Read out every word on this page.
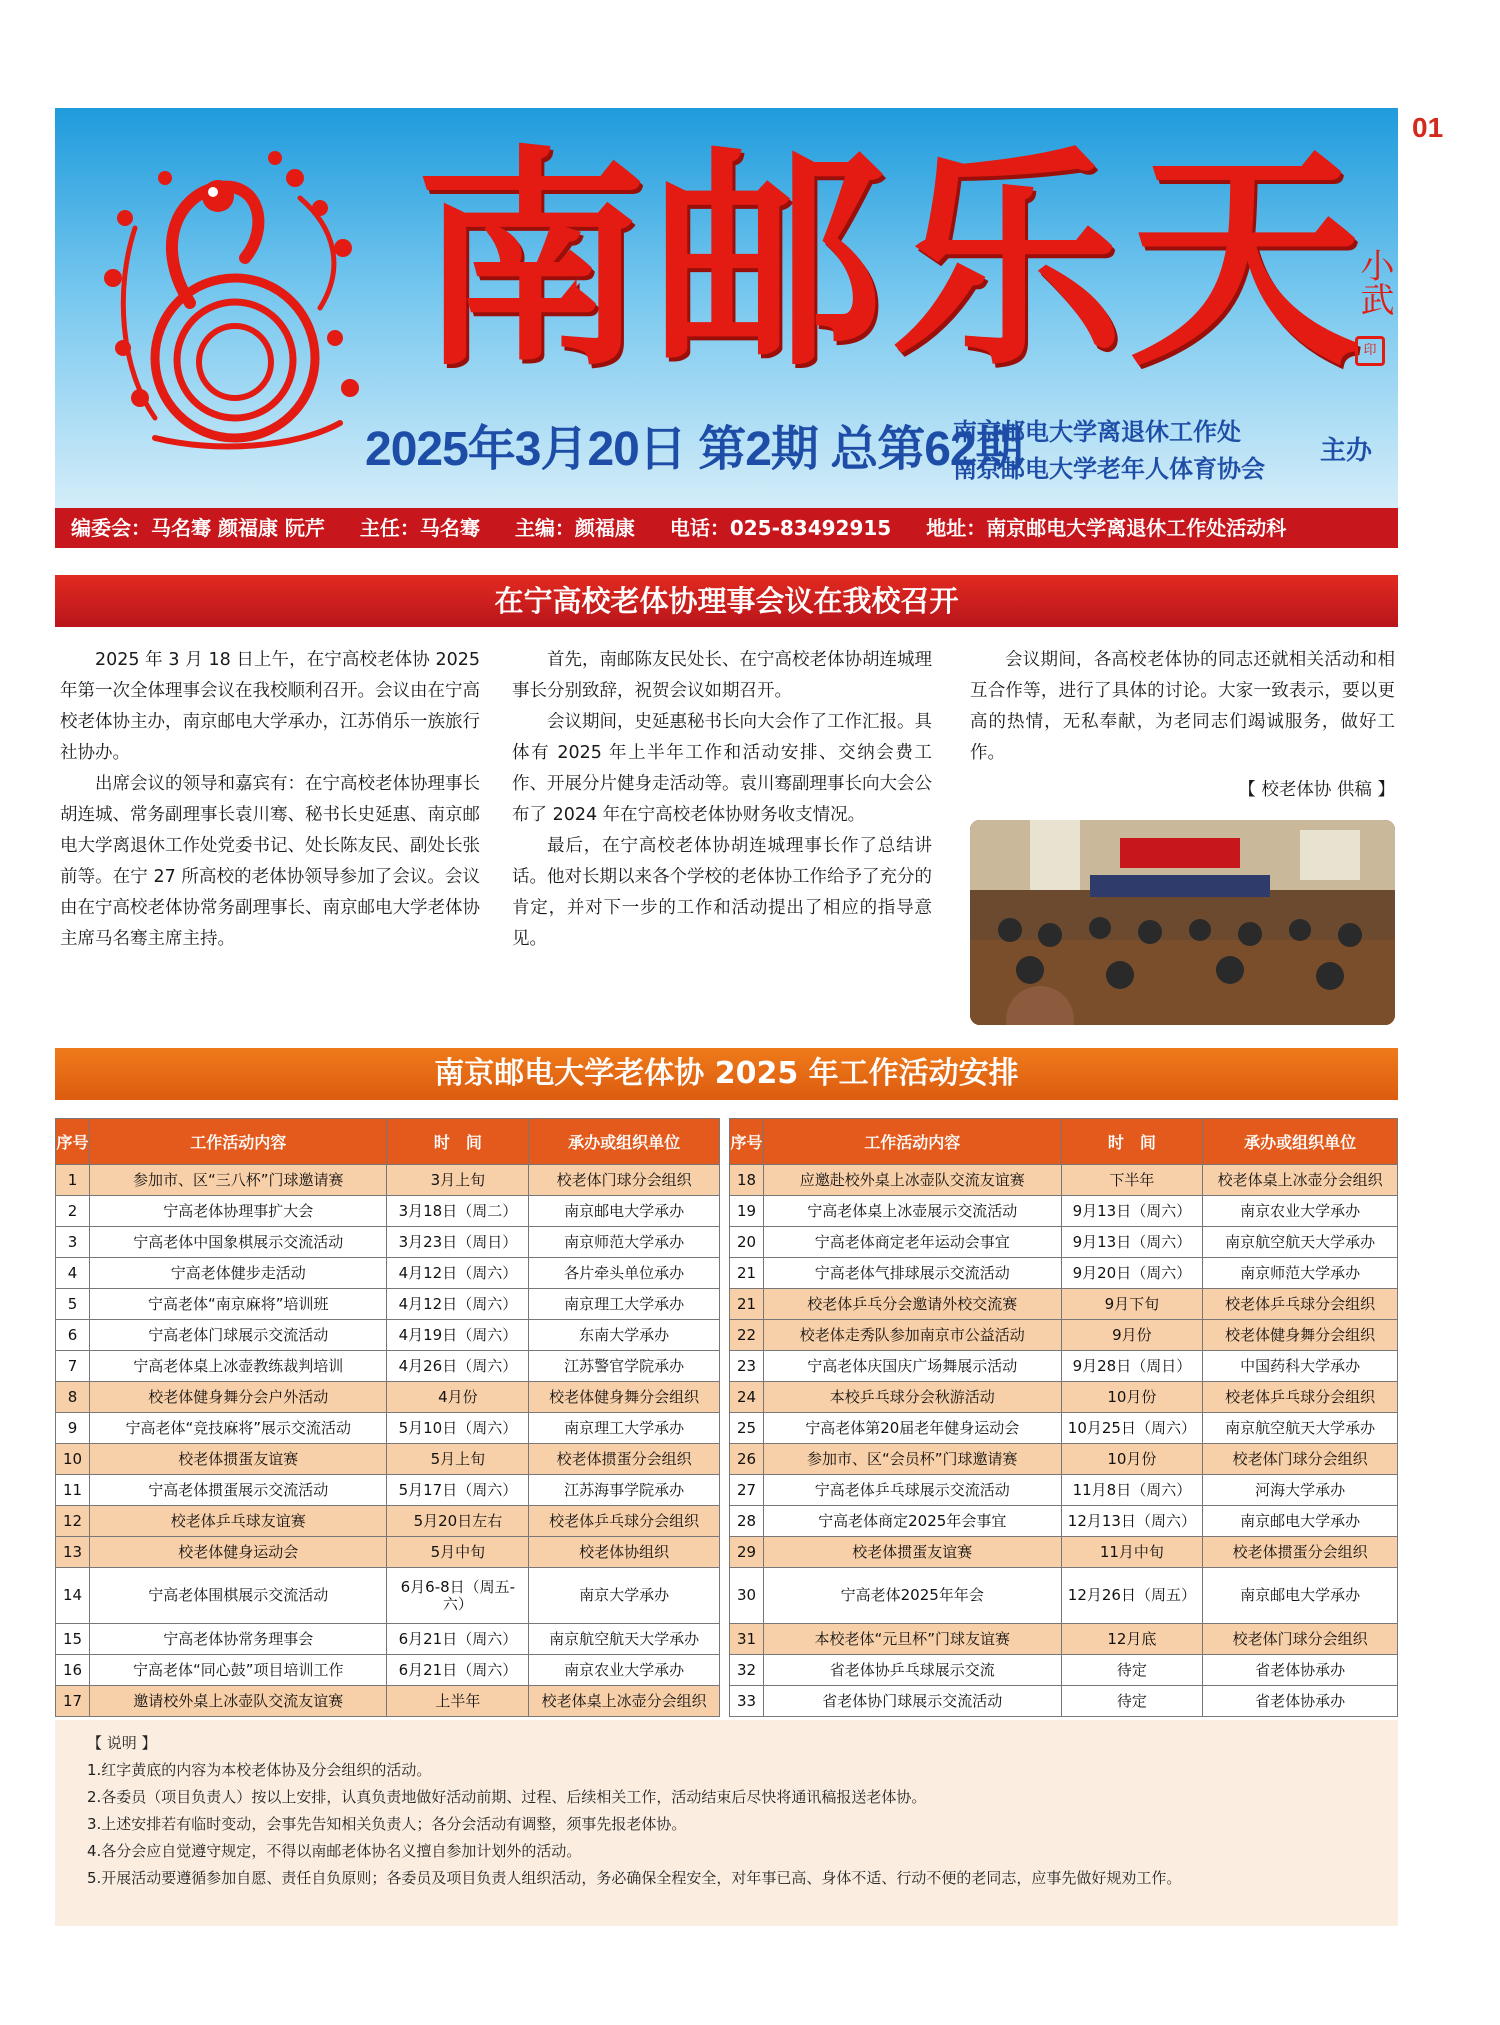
01
南 邮 乐 天
小武
印
2025年3月20日 第2期 总第62期
南京邮电大学离退休工作处
南京邮电大学老年人体育协会
主办
编委会：马名骞 颜福康 阮芹 主任：马名骞 主编：颜福康 电话：025-83492915 地址：南京邮电大学离退休工作处活动科
在宁高校老体协理事会议在我校召开

2025 年 3 月 18 日上午，在宁高校老体协 2025 年第一次全体理事会议在我校顺利召开。会议由在宁高校老体协主办，南京邮电大学承办，江苏俏乐一族旅行社协办。

出席会议的领导和嘉宾有：在宁高校老体协理事长胡连城、常务副理事长袁川骞、秘书长史延惠、南京邮电大学离退休工作处党委书记、处长陈友民、副处长张前等。在宁 27 所高校的老体协领导参加了会议。会议由在宁高校老体协常务副理事长、南京邮电大学老体协主席马名骞主席主持。

首先，南邮陈友民处长、在宁高校老体协胡连城理事长分别致辞，祝贺会议如期召开。

会议期间，史延惠秘书长向大会作了工作汇报。具体有 2025 年上半年工作和活动安排、交纳会费工作、开展分片健身走活动等。袁川骞副理事长向大会公布了 2024 年在宁高校老体协财务收支情况。

最后，在宁高校老体协胡连城理事长作了总结讲话。他对长期以来各个学校的老体协工作给予了充分的肯定，并对下一步的工作和活动提出了相应的指导意见。

会议期间，各高校老体协的同志还就相关活动和相互合作等，进行了具体的讨论。大家一致表示，要以更高的热情，无私奉献，为老同志们竭诚服务，做好工作。

【 校老体协 供稿 】

南京邮电大学老体协 2025 年工作活动安排
序号	工作活动内容	时　间	承办或组织单位
1	参加市、区“三八杯”门球邀请赛	3月上旬	校老体门球分会组织
2	宁高老体协理事扩大会	3月18日（周二）	南京邮电大学承办
3	宁高老体中国象棋展示交流活动	3月23日（周日）	南京师范大学承办
4	宁高老体健步走活动	4月12日（周六）	各片牵头单位承办
5	宁高老体“南京麻将”培训班	4月12日（周六）	南京理工大学承办
6	宁高老体门球展示交流活动	4月19日（周六）	东南大学承办
7	宁高老体桌上冰壶教练裁判培训	4月26日（周六）	江苏警官学院承办
8	校老体健身舞分会户外活动	4月份	校老体健身舞分会组织
9	宁高老体“竞技麻将”展示交流活动	5月10日（周六）	南京理工大学承办
10	校老体掼蛋友谊赛	5月上旬	校老体掼蛋分会组织
11	宁高老体掼蛋展示交流活动	5月17日（周六）	江苏海事学院承办
12	校老体乒乓球友谊赛	5月20日左右	校老体乒乓球分会组织
13	校老体健身运动会	5月中旬	校老体协组织
14	宁高老体围棋展示交流活动	6月6-8日（周五-六）	南京大学承办
15	宁高老体协常务理事会	6月21日（周六）	南京航空航天大学承办
16	宁高老体“同心鼓”项目培训工作	6月21日（周六）	南京农业大学承办
17	邀请校外桌上冰壶队交流友谊赛	上半年	校老体桌上冰壶分会组织
序号	工作活动内容	时　间	承办或组织单位
18	应邀赴校外桌上冰壶队交流友谊赛	下半年	校老体桌上冰壶分会组织
19	宁高老体桌上冰壶展示交流活动	9月13日（周六）	南京农业大学承办
20	宁高老体商定老年运动会事宜	9月13日（周六）	南京航空航天大学承办
21	宁高老体气排球展示交流活动	9月20日（周六）	南京师范大学承办
21	校老体乒乓分会邀请外校交流赛	9月下旬	校老体乒乓球分会组织
22	校老体走秀队参加南京市公益活动	9月份	校老体健身舞分会组织
23	宁高老体庆国庆广场舞展示活动	9月28日（周日）	中国药科大学承办
24	本校乒乓球分会秋游活动	10月份	校老体乒乓球分会组织
25	宁高老体第20届老年健身运动会	10月25日（周六）	南京航空航天大学承办
26	参加市、区“会员杯”门球邀请赛	10月份	校老体门球分会组织
27	宁高老体乒乓球展示交流活动	11月8日（周六）	河海大学承办
28	宁高老体商定2025年会事宜	12月13日（周六）	南京邮电大学承办
29	校老体掼蛋友谊赛	11月中旬	校老体掼蛋分会组织
30	宁高老体2025年年会	12月26日（周五）	南京邮电大学承办
31	本校老体“元旦杯”门球友谊赛	12月底	校老体门球分会组织
32	省老体协乒乓球展示交流	待定	省老体协承办
33	省老体协门球展示交流活动	待定	省老体协承办
【 说明 】
1.红字黄底的内容为本校老体协及分会组织的活动。
2.各委员（项目负责人）按以上安排，认真负责地做好活动前期、过程、后续相关工作，活动结束后尽快将通讯稿报送老体协。
3.上述安排若有临时变动，会事先告知相关负责人；各分会活动有调整，须事先报老体协。
4.各分会应自觉遵守规定，不得以南邮老体协名义擅自参加计划外的活动。
5.开展活动要遵循参加自愿、责任自负原则；各委员及项目负责人组织活动，务必确保全程安全，对年事已高、身体不适、行动不便的老同志，应事先做好规劝工作。
